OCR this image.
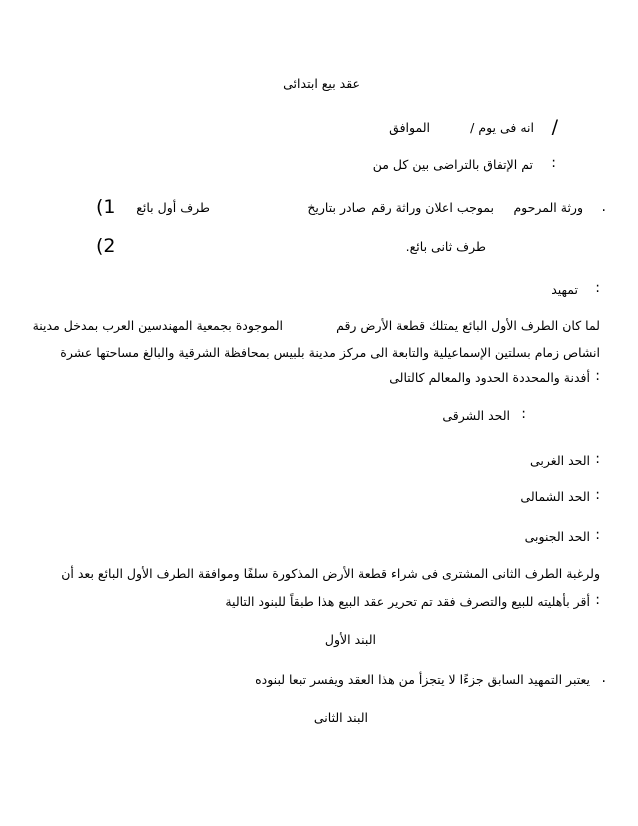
عقد بيع ابتدائى
/
انه فى يوم /
الموافق
:
تم الإتفاق بالتراضى بين كل من
.
ورثة المرحوم
بموجب اعلان وراثة رقم
صادر بتاريخ
طرف أول بائع
(1
طرف ثانى بائع.
(2
:
تمهيد
لما كان الطرف الأول البائع يمتلك قطعة الأرض رقم
الموجودة بجمعية المهندسين العرب بمدخل مدينة
انشاص زمام بسلتين الإسماعيلية والتابعة الى مركز مدينة بلبيس بمحافظة الشرقية والبالغ مساحتها عشرة
:
أفدنة والمحددة الحدود والمعالم كالتالى
:
الحد الشرقى
:
الحد الغربى
:
الحد الشمالى
:
الحد الجنوبى
ولرغبة الطرف الثانى المشترى فى شراء قطعة الأرض المذكورة سلفًا وموافقة الطرف الأول البائع بعد أن
:
أقر بأهليته للبيع والتصرف فقد تم تحرير عقد البيع هذا طبقاً للبنود التالية
البند الأول
.
يعتبر التمهيد السابق جزءًا لا يتجزأ من هذا العقد ويفسر تبعا لبنوده
البند الثانى
